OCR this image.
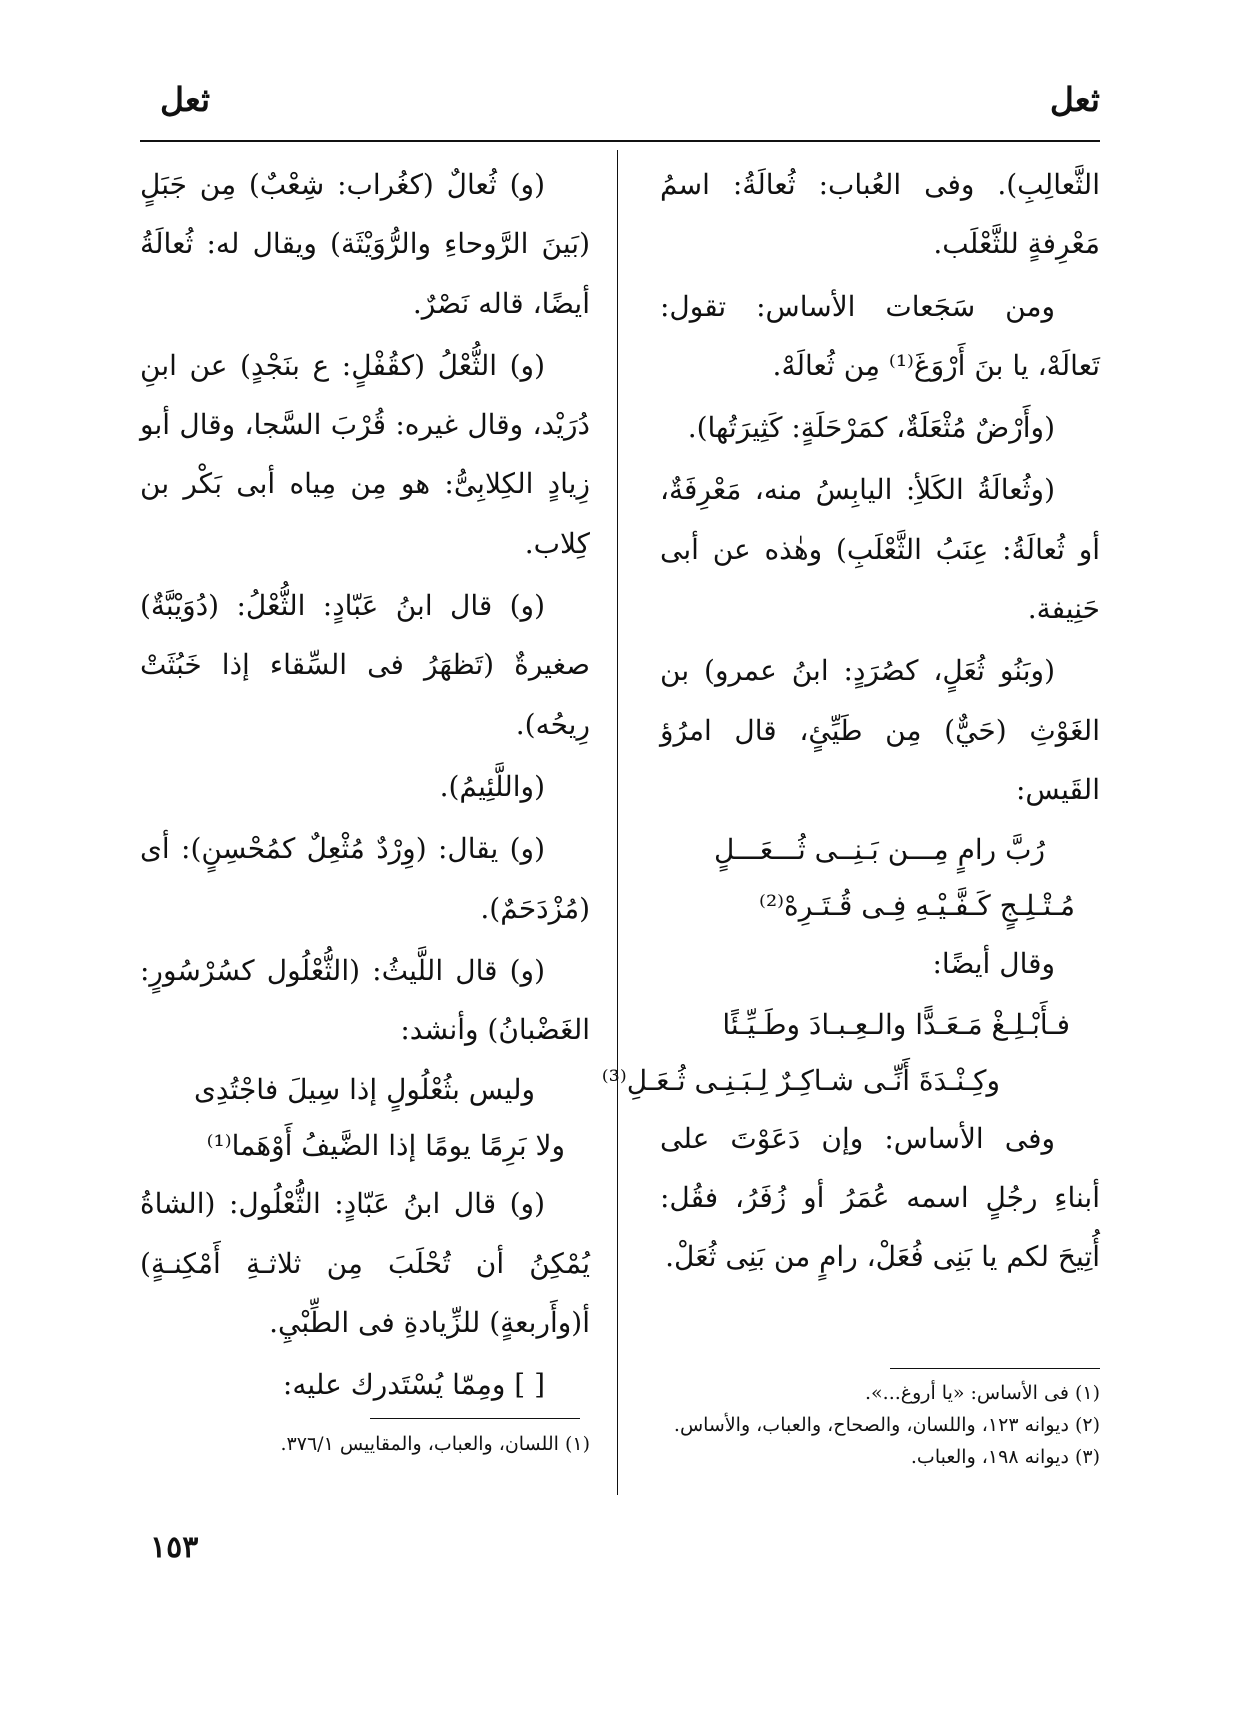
ثعل
ثعل

الثَّعالِبِ). وفى العُباب: ثُعالَةُ: اسمُ مَعْرِفةٍ للثَّعْلَب.

ومن سَجَعات الأساس: تقول: تَعالَهْ، يا بنَ أَرْوَغَ⁽¹⁾ مِن ثُعالَهْ.

(وأَرْضٌ مُثْعَلَةٌ، كمَرْحَلَةٍ: كَثِيرَتُها).

(وثُعالَةُ الكَلأِ: اليابِسُ منه، مَعْرِفَةٌ، أو ثُعالَةُ: عِنَبُ الثَّعْلَبِ) وهٰذه عن أبى حَنِيفة.

(وبَنُو ثُعَلٍ، كصُرَدٍ: ابنُ عمرو) بن الغَوْثِ (حَيٌّ) مِن طَيِّئٍ، قال امرُؤ القَيس:

رُبَّ رامٍ مِـــن بَـنِــى ثُـــعَـــلٍ
مُـتْـلِـجٍ كَـفَّـيْـهِ فِـى قُـتَـرِهْ⁽²⁾

وقال أيضًا:

فـأَبْـلِـغْ مَـعَـدًّا والـعِـبـادَ وطَـيِّـئًا
وكِـنْـدَةَ أَنِّـى شـاكِـرٌ لِـبَـنِـى ثُـعَـلِ⁽³⁾

وفى الأساس: وإن دَعَوْتَ على أبناءِ رجُلٍ اسمه عُمَرُ أو زُفَرُ، فقُل: أُتِيحَ لكم يا بَنِى فُعَلْ، رامٍ من بَنِى ثُعَلْ.

(١) فى الأساس: «يا أروغ...».

(٢) ديوانه ١٢٣، واللسان، والصحاح، والعباب، والأساس.

(٣) ديوانه ١٩٨، والعباب.

(و) ثُعالٌ (كغُراب: شِعْبٌ) مِن جَبَلٍ (بَينَ الرَّوحاءِ والرُّوَيْثَة) ويقال له: ثُعالَةُ أيضًا، قاله نَصْرٌ.

(و) الثُّعْلُ (كقُفْلٍ: ع بنَجْدٍ) عن ابنِ دُرَيْد، وقال غيره: قُرْبَ السَّجا، وقال أبو زِيادٍ الكِلابِىُّ: هو مِن مِياه أبى بَكْر بن كِلاب.

(و) قال ابنُ عَبّادٍ: الثُّعْلُ: (دُوَيْبَّةٌ) صغيرةٌ (تَظهَرُ فى السِّقاء إذا خَبُثَتْ رِيحُه).

(واللَّئِيمُ).

(و) يقال: (وِرْدٌ مُثْعِلٌ كمُحْسِنٍ): أى (مُزْدَحَمٌ).

(و) قال اللَّيثُ: (الثُّعْلُول كسُرْسُورٍ: الغَضْبانُ) وأنشد:

وليس بثُعْلُولٍ إذا سِيلَ فاجْتُدِى
ولا بَرِمًا يومًا إذا الضَّيفُ أَوْهَما⁽¹⁾

(و) قال ابنُ عَبّادٍ: الثُّعْلُول: (الشاةُ يُمْكِنُ أن تُحْلَبَ مِن ثلاثـةِ أَمْكِنـةٍ) أ(وأَربعةٍ) للزِّيادةِ فى الطِّبْيِ.

[ ] ومِمّا يُسْتَدرك عليه:

(١) اللسان، والعباب، والمقاييس ٣٧٦/١.

١٥٣
